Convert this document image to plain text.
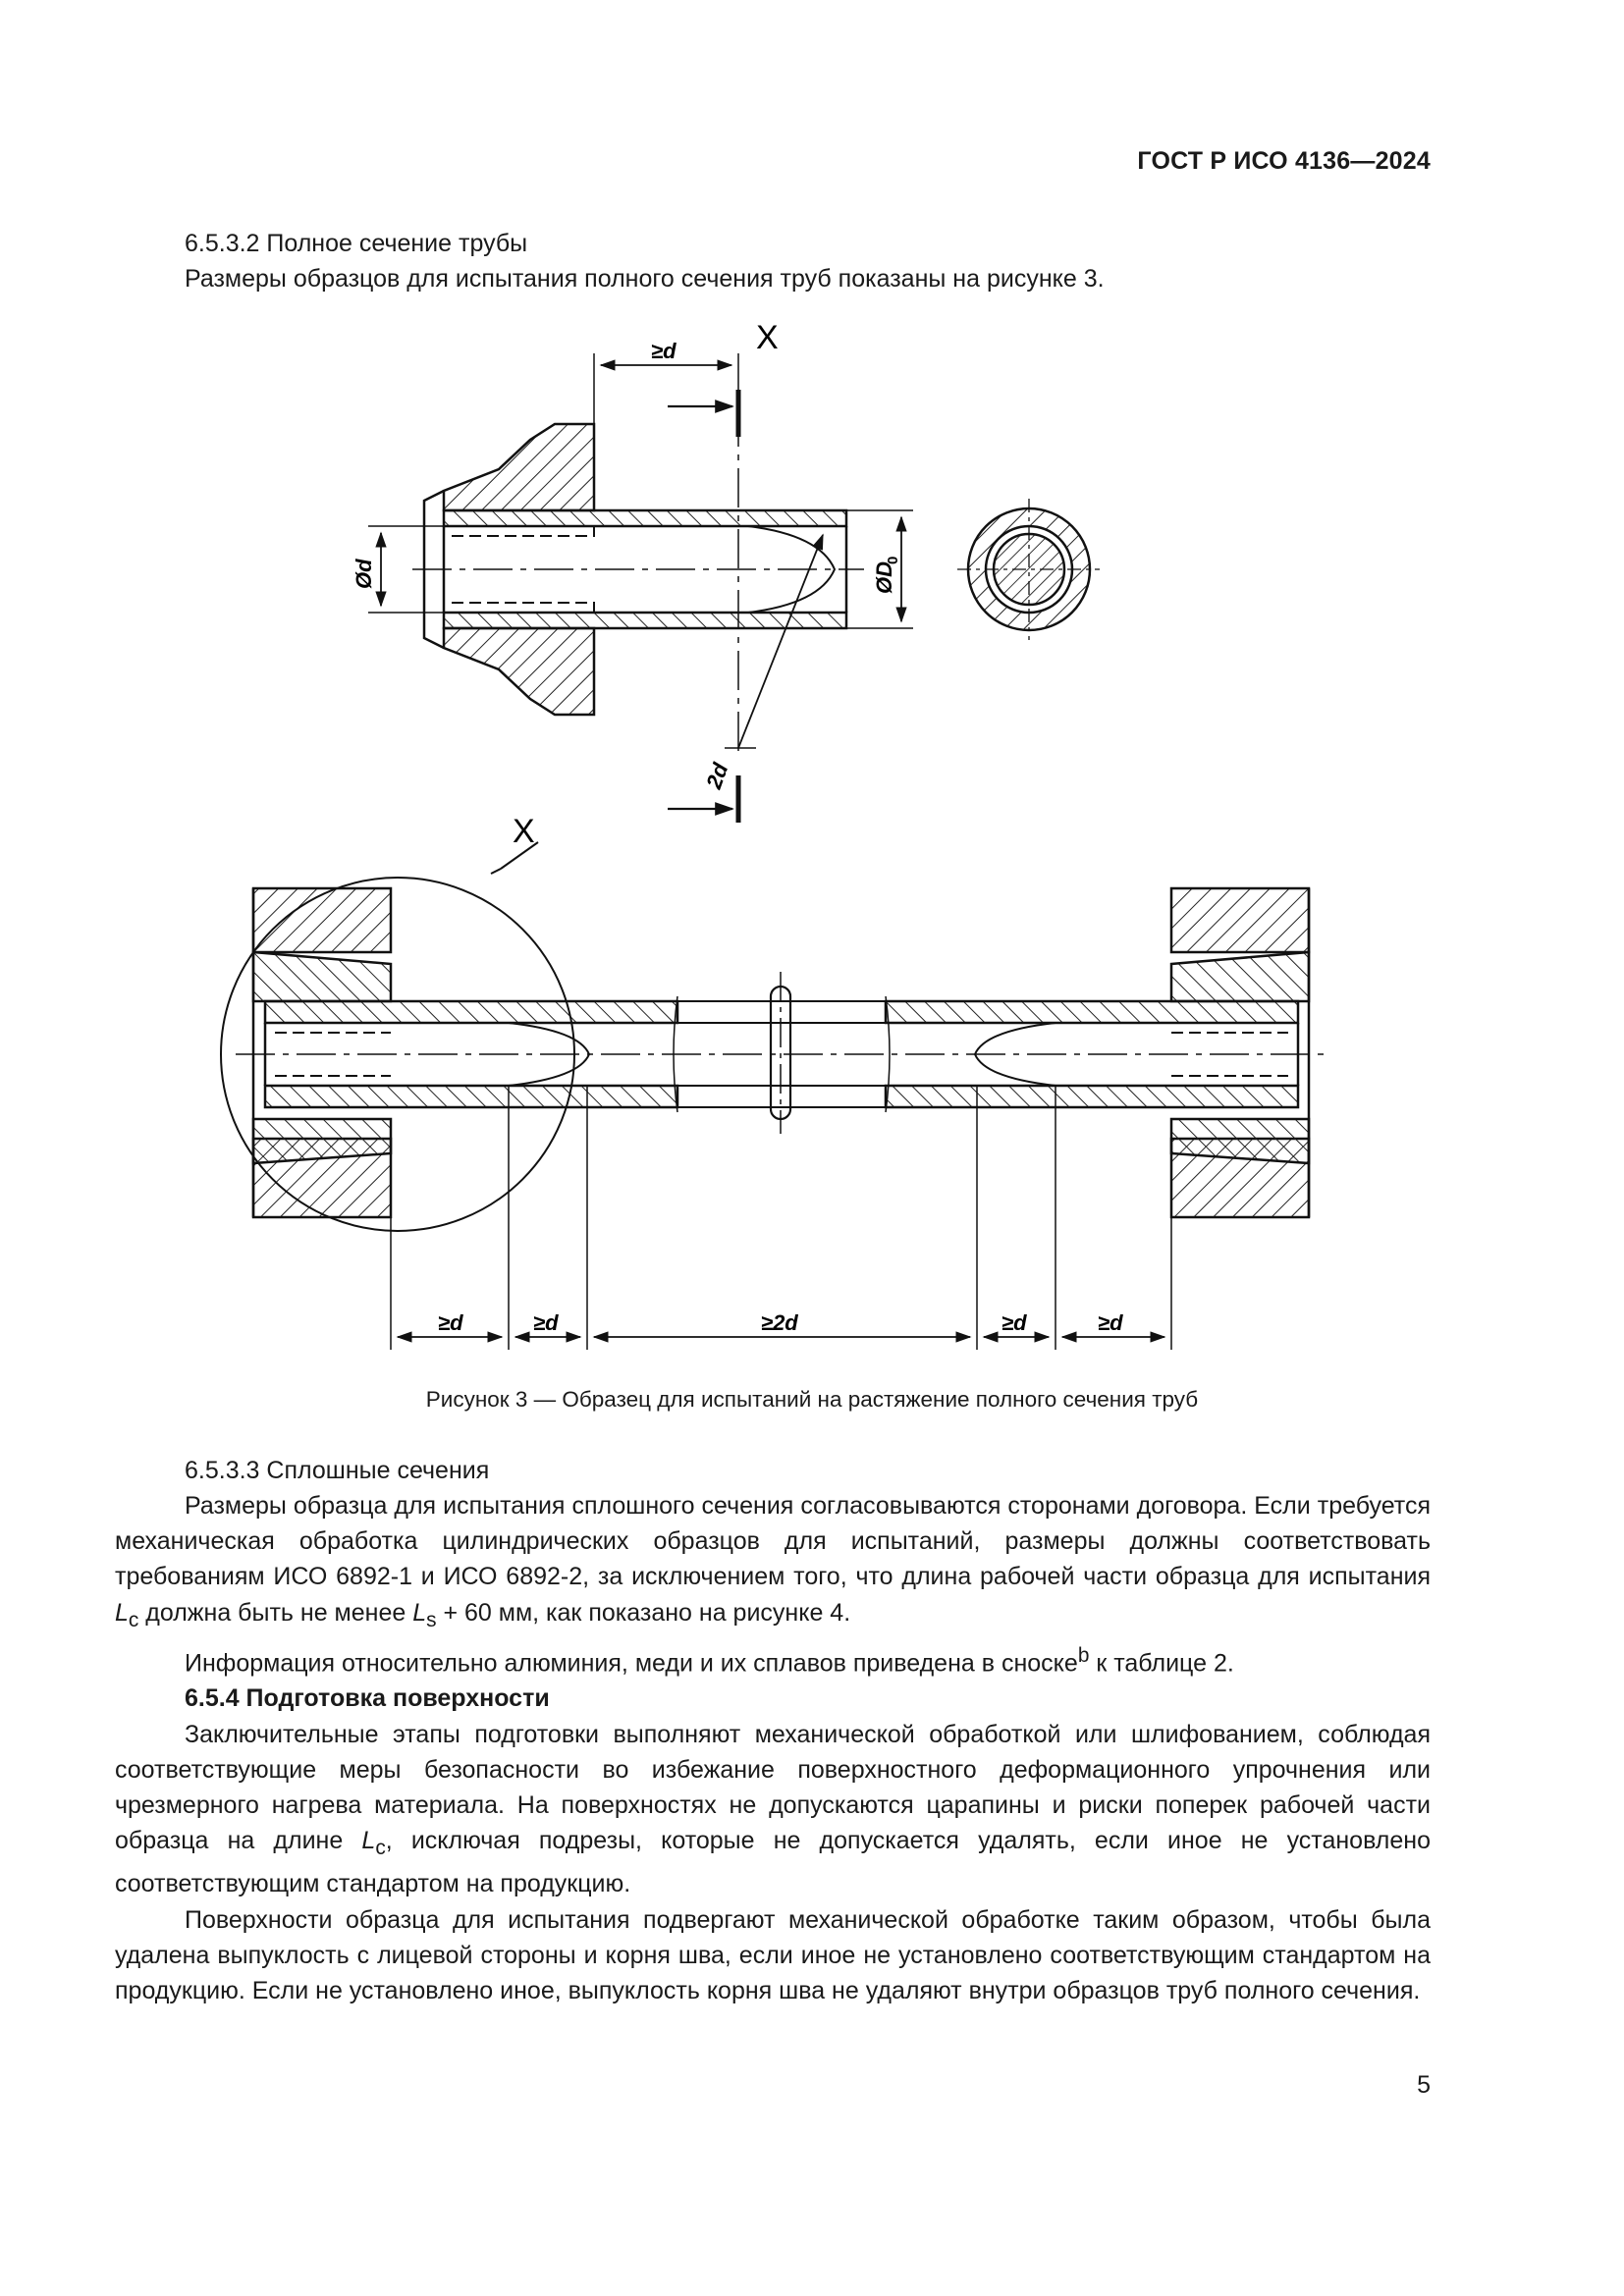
ГОСТ Р ИСО 4136—2024
6.5.3.2 Полное сечение трубы
Размеры образцов для испытания полного сечения труб показаны на рисунке 3.
X
≥d
Ød	ØD
0
2d
X
≥d	≥d	≥2d	≥d	≥d
Рисунок 3 — Образец для испытаний на растяжение полного сечения труб
6.5.3.3 Сплошные сечения

Размеры образца для испытания сплошного сечения согласовываются сторонами договора. Если требуется механическая обработка цилиндрических образцов для испытаний, размеры должны соответствовать требованиям ИСО 6892-1 и ИСО 6892-2, за исключением того, что длина рабочей части образца для испытания $L_c$ должна быть не менее $L_s + 60$ мм, как показано на рисунке 4.

Информация относительно алюминия, меди и их сплавов приведена в сноске$^b$ к таблице 2.

6.5.4 Подготовка поверхности

Заключительные этапы подготовки выполняют механической обработкой или шлифованием, соблюдая соответствующие меры безопасности во избежание поверхностного деформационного упрочнения или чрезмерного нагрева материала. На поверхностях не допускаются царапины и риски поперек рабочей части образца на длине $L_c$, исключая подрезы, которые не допускается удалять, если иное не установлено соответствующим стандартом на продукцию.

Поверхности образца для испытания подвергают механической обработке таким образом, чтобы была удалена выпуклость с лицевой стороны и корня шва, если иное не установлено соответствующим стандартом на продукцию. Если не установлено иное, выпуклость корня шва не удаляют внутри образцов труб полного сечения.

5
